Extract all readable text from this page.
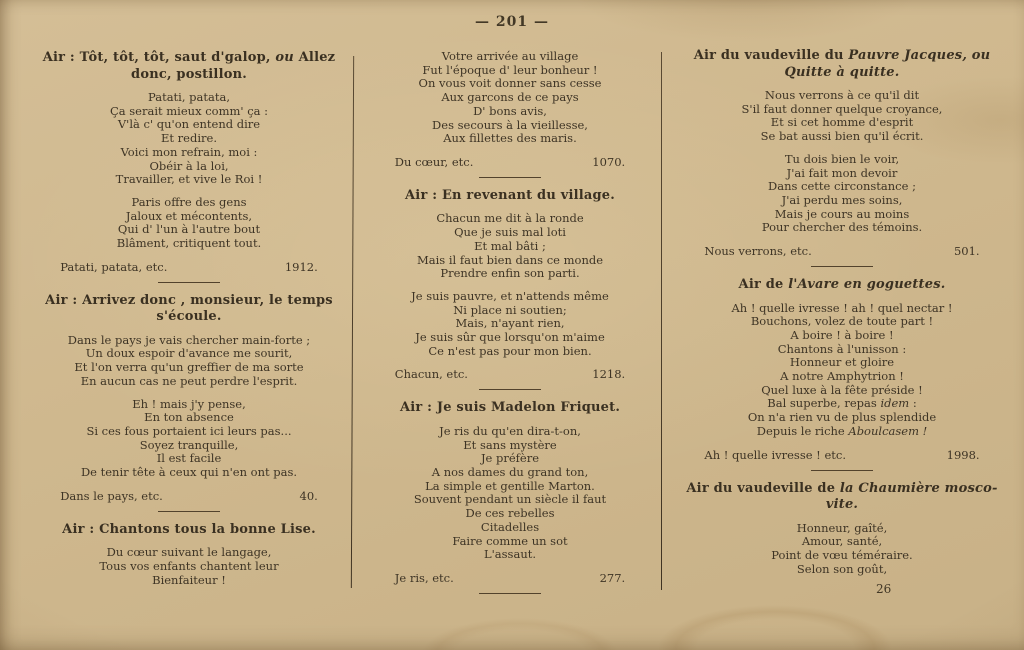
— 201 —
Air : Tôt, tôt, tôt, saut d'galop, ou Allez
donc, postillon.
Patati, patata,
Ça serait mieux comm' ça :
V'là c' qu'on entend dire
Et redire.
Voici mon refrain, moi :
Obéir à la loi,
Travailler, et vive le Roi !
Paris offre des gens
Jaloux et mécontents,
Qui d' l'un à l'autre bout
Blâment, critiquent tout.
Patati, patata, etc.	1912.
Air : Arrivez donc , monsieur, le temps
s'écoule.
Dans le pays je vais chercher main-forte ;
Un doux espoir d'avance me sourit,
Et l'on verra qu'un greffier de ma sorte
En aucun cas ne peut perdre l'esprit.
Eh ! mais j'y pense,
En ton absence
Si ces fous portaient ici leurs pas...
Soyez tranquille,
Il est facile
De tenir tête à ceux qui n'en ont pas.
Dans le pays, etc.	40.
Air : Chantons tous la bonne Lise.
Du cœur suivant le langage,
Tous vos enfants chantent leur
Bienfaiteur !
Votre arrivée au village
Fut l'époque d' leur bonheur !
On vous voit donner sans cesse
Aux garcons de ce pays
D' bons avis,
Des secours à la vieillesse,
Aux fillettes des maris.
Du cœur, etc.	1070.
Air : En revenant du village.
Chacun me dit à la ronde
Que je suis mal loti
Et mal bâti ;
Mais il faut bien dans ce monde
Prendre enfin son parti.
Je suis pauvre, et n'attends même
Ni place ni soutien;
Mais, n'ayant rien,
Je suis sûr que lorsqu'on m'aime
Ce n'est pas pour mon bien.
Chacun, etc.	1218.
Air : Je suis Madelon Friquet.
Je ris du qu'en dira-t-on,
Et sans mystère
Je préfère
A nos dames du grand ton,
La simple et gentille Marton.
Souvent pendant un siècle il faut
De ces rebelles
Citadelles
Faire comme un sot
L'assaut.
Je ris, etc.	277.
Air du vaudeville du Pauvre Jacques, ou
Quitte à quitte.
Nous verrons à ce qu'il dit
S'il faut donner quelque croyance,
Et si cet homme d'esprit
Se bat aussi bien qu'il écrit.
Tu dois bien le voir,
J'ai fait mon devoir
Dans cette circonstance ;
J'ai perdu mes soins,
Mais je cours au moins
Pour chercher des témoins.
Nous verrons, etc.	501.
Air de l'Avare en goguettes.
Ah ! quelle ivresse ! ah ! quel nectar !
Bouchons, volez de toute part !
A boire ! à boire !
Chantons à l'unisson :
Honneur et gloire
A notre Amphytrion !
Quel luxe à la fête préside !
Bal superbe, repas idem :
On n'a rien vu de plus splendide
Depuis le riche Aboulcasem !
Ah ! quelle ivresse ! etc.	1998.
Air du vaudeville de la Chaumière mosco-
vite.
Honneur, gaîté,
Amour, santé,
Point de vœu téméraire.
Selon son goût,
26
